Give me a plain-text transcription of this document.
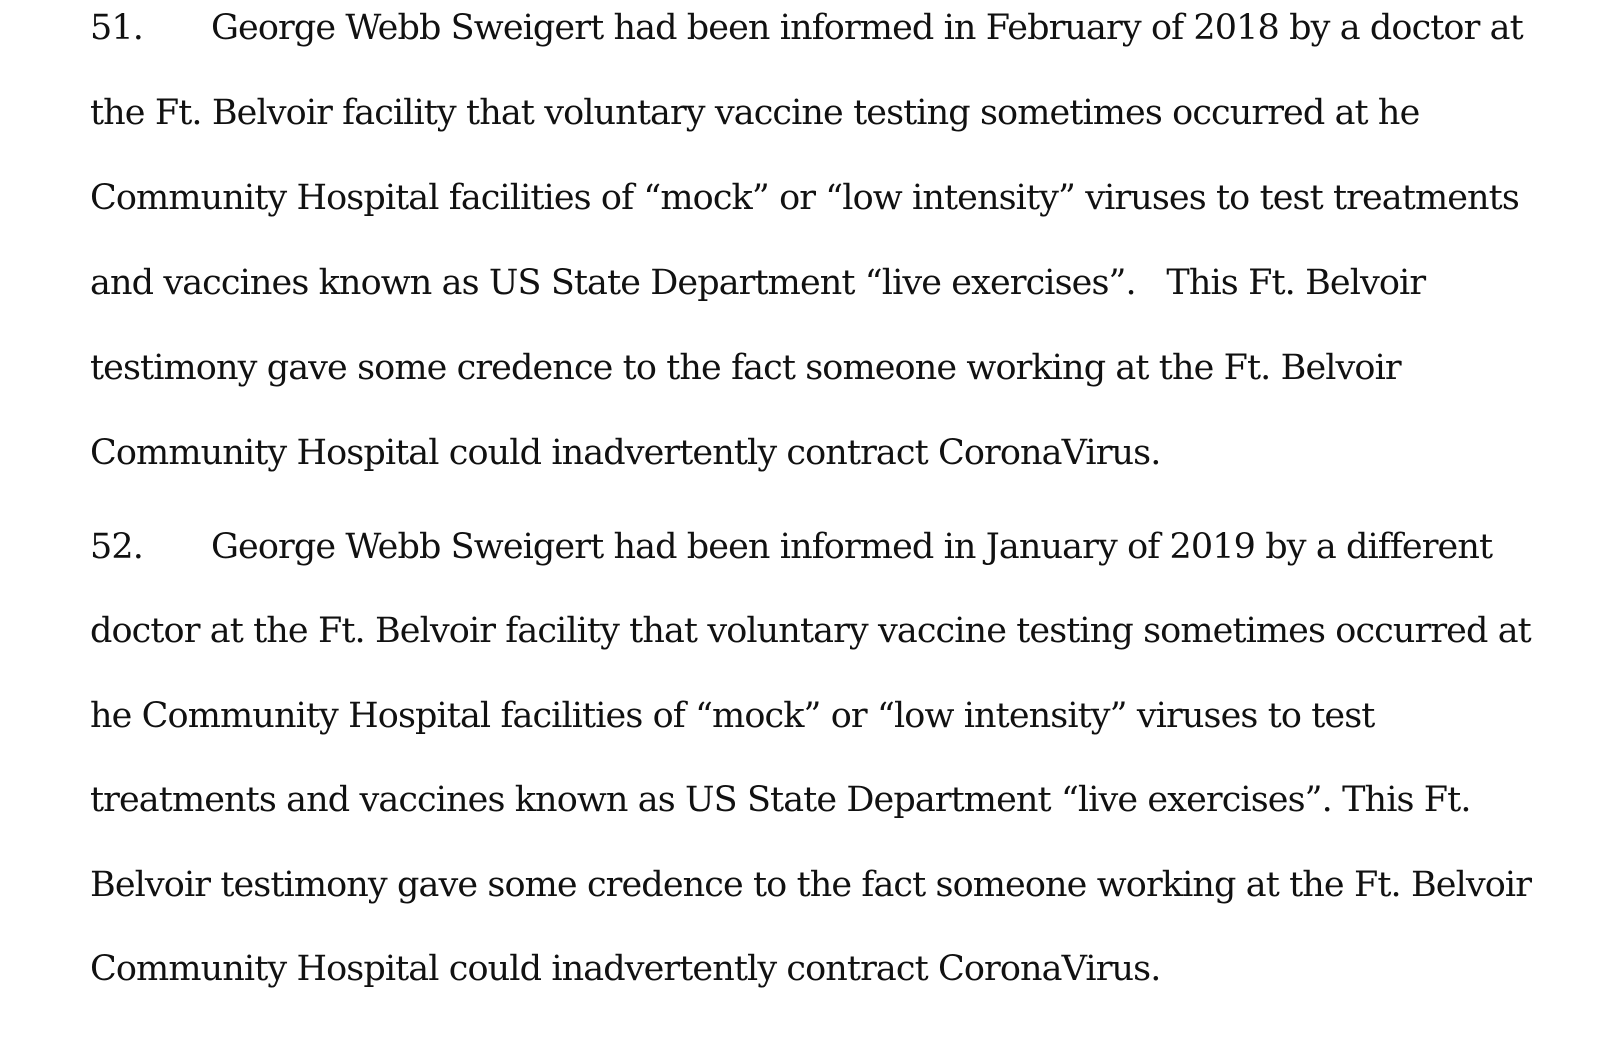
51. George Webb Sweigert had been informed in February of 2018 by a doctor at
the Ft. Belvoir facility that voluntary vaccine testing sometimes occurred at he
Community Hospital facilities of “mock” or “low intensity” viruses to test treatments
and vaccines known as US State Department “live exercises”.   This Ft. Belvoir
testimony gave some credence to the fact someone working at the Ft. Belvoir
Community Hospital could inadvertently contract CoronaVirus.
52. George Webb Sweigert had been informed in January of 2019 by a different
doctor at the Ft. Belvoir facility that voluntary vaccine testing sometimes occurred at
he Community Hospital facilities of “mock” or “low intensity” viruses to test
treatments and vaccines known as US State Department “live exercises”. This Ft.
Belvoir testimony gave some credence to the fact someone working at the Ft. Belvoir
Community Hospital could inadvertently contract CoronaVirus.
